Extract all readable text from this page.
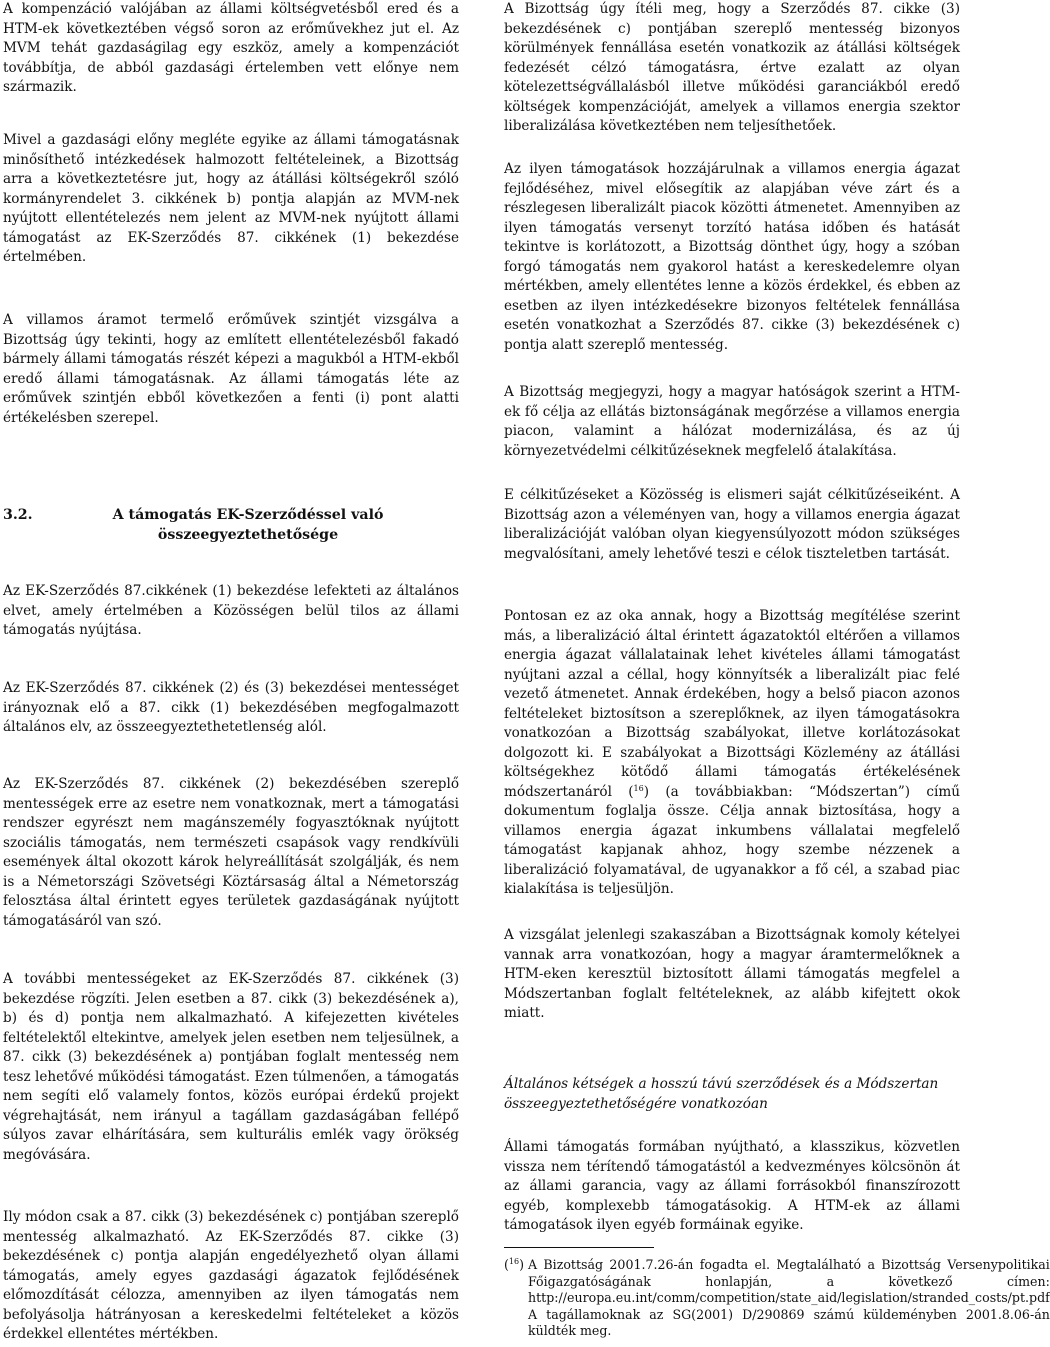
A kompenzáció valójában az állami költségvetésből ered és a HTM-ek következtében végső soron az erőművekhez jut el. Az MVM tehát gazdaságilag egy eszköz, amely a kompenzációt továbbítja, de abból gazdasági értelemben vett előnye nem származik.

Mivel a gazdasági előny megléte egyike az állami támogatásnak minősíthető intézkedések halmozott feltételeinek, a Bizottság arra a következtetésre jut, hogy az átállási költségekről szóló kormányrendelet 3. cikkének b) pontja alapján az MVM-nek nyújtott ellentételezés nem jelent az MVM-nek nyújtott állami támogatást az EK-Szerződés 87. cikkének (1) bekezdése értelmében.

A villamos áramot termelő erőművek szintjét vizsgálva a Bizottság úgy tekinti, hogy az említett ellentételezésből fakadó bármely állami támogatás részét képezi a magukból a HTM-ekből eredő állami támogatásnak. Az állami támogatás léte az erőművek szintjén ebből következően a fenti (i) pont alatti értékelésben szerepel.

3.2.	A támogatás EK-Szerződéssel való összeegyeztethetősége

Az EK-Szerződés 87.cikkének (1) bekezdése lefekteti az általános elvet, amely értelmében a Közösségen belül tilos az állami támogatás nyújtása.

Az EK-Szerződés 87. cikkének (2) és (3) bekezdései mentességet irányoznak elő a 87. cikk (1) bekezdésében megfogalmazott általános elv, az összeegyeztethetetlenség alól.

Az EK-Szerződés 87. cikkének (2) bekezdésében szereplő mentességek erre az esetre nem vonatkoznak, mert a támogatási rendszer egyrészt nem magánszemély fogyasztóknak nyújtott szociális támogatás, nem természeti csapások vagy rendkívüli események által okozott károk helyreállítását szolgálják, és nem is a Németországi Szövetségi Köztársaság által a Németország felosztása által érintett egyes területek gazdaságának nyújtott támogatásáról van szó.

A további mentességeket az EK-Szerződés 87. cikkének (3) bekezdése rögzíti. Jelen esetben a 87. cikk (3) bekezdésének a), b) és d) pontja nem alkalmazható. A kifejezetten kivételes feltételektől eltekintve, amelyek jelen esetben nem teljesülnek, a 87. cikk (3) bekezdésének a) pontjában foglalt mentesség nem tesz lehetővé működési támogatást. Ezen túlmenően, a támogatás nem segíti elő valamely fontos, közös európai érdekű projekt végrehajtását, nem irányul a tagállam gazdaságában fellépő súlyos zavar elhárítására, sem kulturális emlék vagy örökség megóvására.

Ily módon csak a 87. cikk (3) bekezdésének c) pontjában szereplő mentesség alkalmazható. Az EK-Szerződés 87. cikke (3) bekezdésének c) pontja alapján engedélyezhető olyan állami támogatás, amely egyes gazdasági ágazatok fejlődésének előmozdítását célozza, amennyiben az ilyen támogatás nem befolyásolja hátrányosan a kereskedelmi feltételeket a közös érdekkel ellentétes mértékben.

A Bizottság úgy ítéli meg, hogy a Szerződés 87. cikke (3) bekezdésének c) pontjában szereplő mentesség bizonyos körülmények fennállása esetén vonatkozik az átállási költségek fedezését célzó támogatásra, értve ezalatt az olyan kötelezettségvállalásból illetve működési garanciákból eredő költségek kompenzációját, amelyek a villamos energia szektor liberalizálása következtében nem teljesíthetőek.

Az ilyen támogatások hozzájárulnak a villamos energia ágazat fejlődéséhez, mivel elősegítik az alapjában véve zárt és a részlegesen liberalizált piacok közötti átmenetet. Amennyiben az ilyen támogatás versenyt torzító hatása időben és hatását tekintve is korlátozott, a Bizottság dönthet úgy, hogy a szóban forgó támogatás nem gyakorol hatást a kereskedelemre olyan mértékben, amely ellentétes lenne a közös érdekkel, és ebben az esetben az ilyen intézkedésekre bizonyos feltételek fennállása esetén vonatkozhat a Szerződés 87. cikke (3) bekezdésének c) pontja alatt szereplő mentesség.

A Bizottság megjegyzi, hogy a magyar hatóságok szerint a HTM-ek fő célja az ellátás biztonságának megőrzése a villamos energia piacon, valamint a hálózat modernizálása, és az új környezetvédelmi célkitűzéseknek megfelelő átalakítása.

E célkitűzéseket a Közösség is elismeri saját célkitűzéseiként. A Bizottság azon a véleményen van, hogy a villamos energia ágazat liberalizációját valóban olyan kiegyensúlyozott módon szükséges megvalósítani, amely lehetővé teszi e célok tiszteletben tartását.

Pontosan ez az oka annak, hogy a Bizottság megítélése szerint más, a liberalizáció által érintett ágazatoktól eltérően a villamos energia ágazat vállalatainak lehet kivételes állami támogatást nyújtani azzal a céllal, hogy könnyítsék a liberalizált piac felé vezető átmenetet. Annak érdekében, hogy a belső piacon azonos feltételeket biztosítson a szereplőknek, az ilyen támogatásokra vonatkozóan a Bizottság szabályokat, illetve korlátozásokat dolgozott ki. E szabályokat a Bizottsági Közlemény az átállási költségekhez kötődő állami támogatás értékelésének módszertanáról ($^{16}$) (a továbbiakban: “Módszertan”) című dokumentum foglalja össze. Célja annak biztosítása, hogy a villamos energia ágazat inkumbens vállalatai megfelelő támogatást kapjanak ahhoz, hogy szembe nézzenek a liberalizáció folyamatával, de ugyanakkor a fő cél, a szabad piac kialakítása is teljesüljön.

A vizsgálat jelenlegi szakaszában a Bizottságnak komoly kételyei vannak arra vonatkozóan, hogy a magyar áramtermelőknek a HTM-eken keresztül biztosított állami támogatás megfelel a Módszertanban foglalt feltételeknek, az alább kifejtett okok miatt.

Általános kétségek a hosszú távú szerződések és a Módszertan összeegyeztethetőségére vonatkozóan

Állami támogatás formában nyújtható, a klasszikus, közvetlen vissza nem térítendő támogatástól a kedvezményes kölcsönön át az állami garancia, vagy az állami forrásokból finanszírozott egyéb, komplexebb támogatásokig. A HTM-ek az állami támogatások ilyen egyéb formáinak egyike.

($^{16}$) A Bizottság 2001.7.26-án fogadta el. Megtalálható a Bizottság Versenypolitikai Főigazgatóságának honlapján, a következő címen: http://europa.eu.int/comm/competition/state_aid/legislation/stranded_costs/pt.pdf A tagállamoknak az SG(2001) D/290869 számú küldeményben 2001.8.06-án küldték meg.
